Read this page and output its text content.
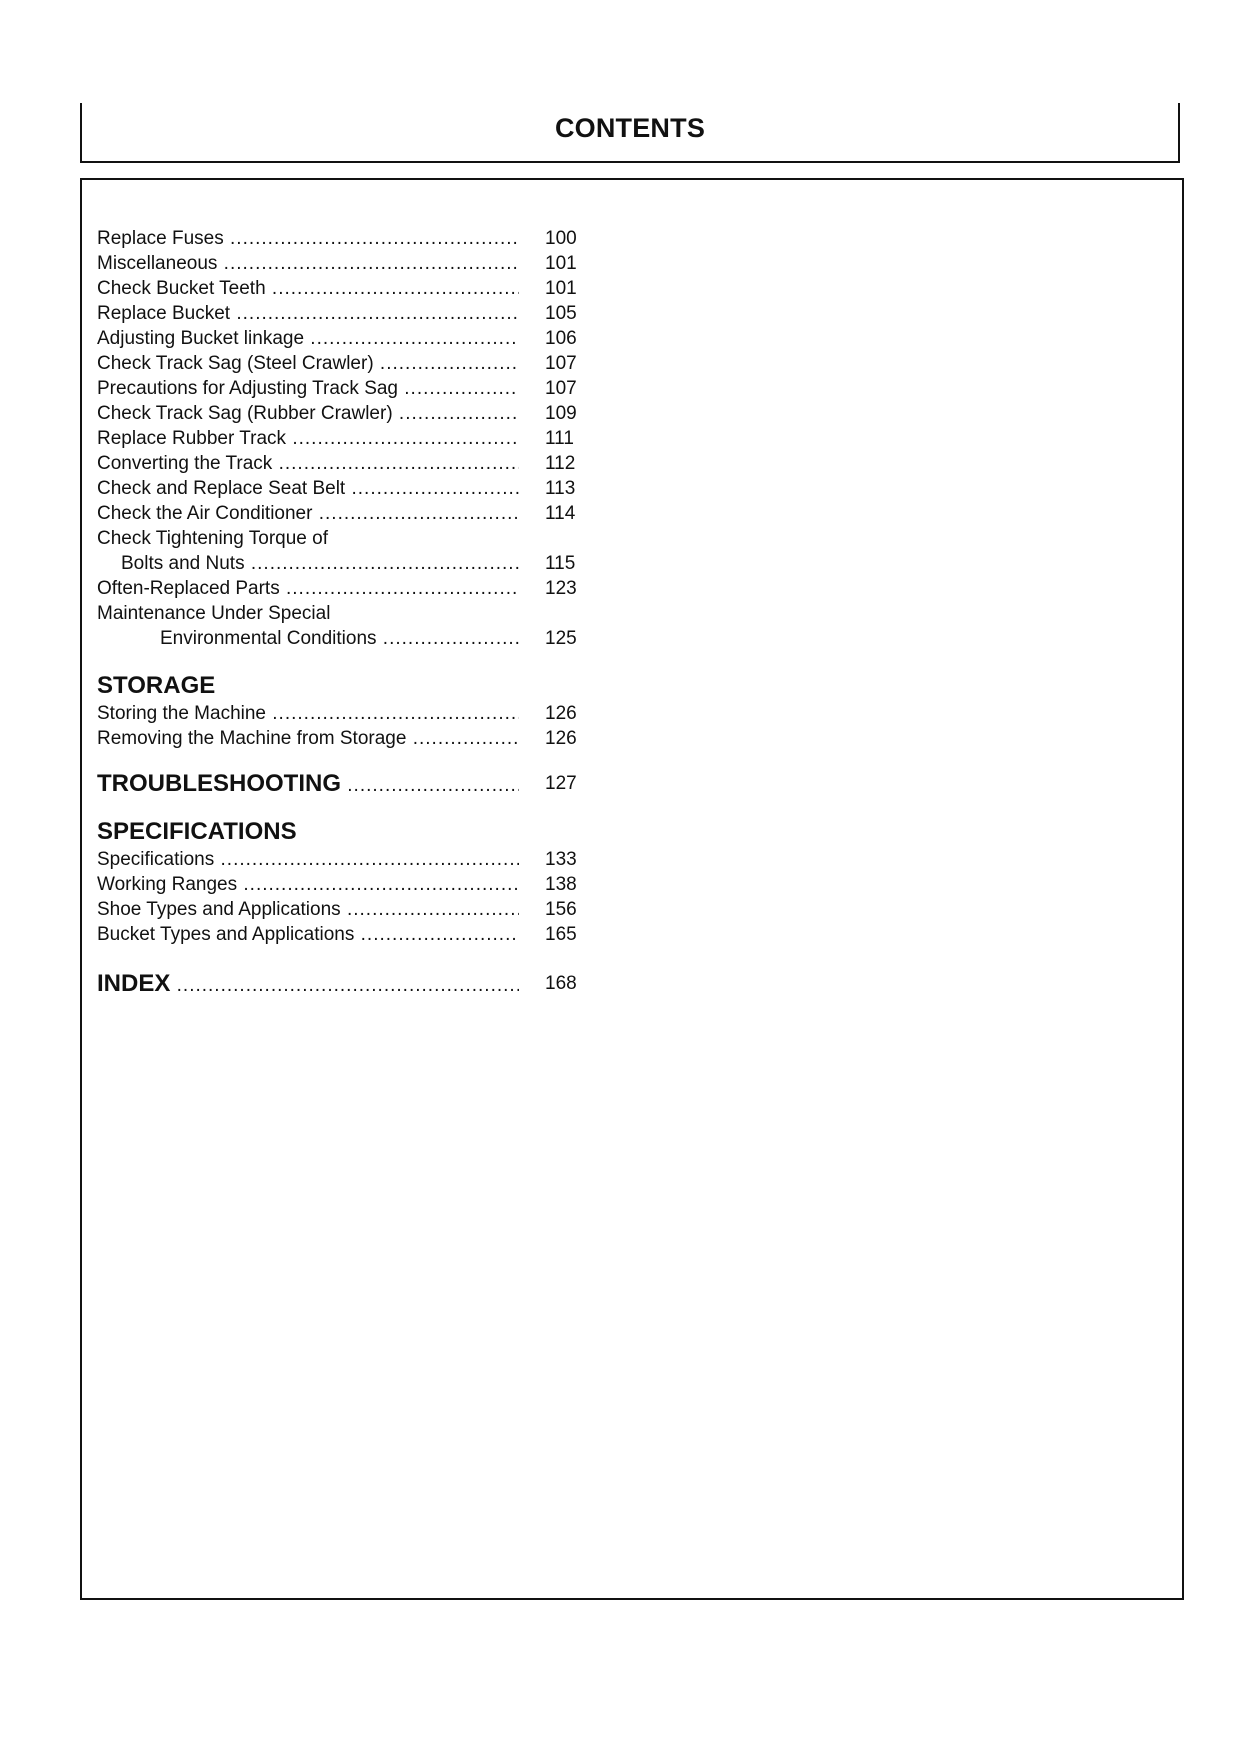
CONTENTS
Replace Fuses .....	100
Miscellaneous .....	101
Check Bucket Teeth .....	101
Replace Bucket .....	105
Adjusting Bucket linkage .....	106
Check Track Sag (Steel Crawler) .....	107
Precautions for Adjusting Track Sag .....	107
Check Track Sag (Rubber Crawler) .....	109
Replace Rubber Track .....	111
Converting the Track .....	112
Check and Replace Seat Belt .....	113
Check the Air Conditioner .....	114
Check Tightening Torque of
Bolts and Nuts .....	115
Often-Replaced Parts .....	123
Maintenance Under Special
Environmental Conditions .....	125
STORAGE
Storing the Machine .....	126
Removing the Machine from Storage .....	126
TROUBLESHOOTING .....	127
SPECIFICATIONS
Specifications .....	133
Working Ranges .....	138
Shoe Types and Applications .....	156
Bucket Types and Applications .....	165
INDEX .....	168
